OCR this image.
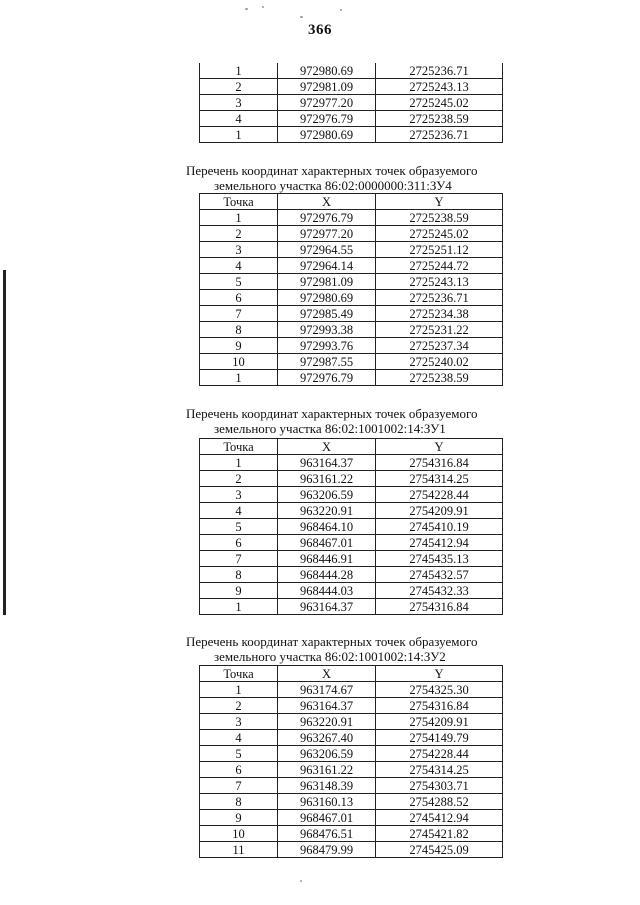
366
1	972980.69	2725236.71
2	972981.09	2725243.13
3	972977.20	2725245.02
4	972976.79	2725238.59
1	972980.69	2725236.71
Перечень координат характерных точек образуемого
земельного участка 86:02:0000000:311:ЗУ4
Точка	X	Y
1	972976.79	2725238.59
2	972977.20	2725245.02
3	972964.55	2725251.12
4	972964.14	2725244.72
5	972981.09	2725243.13
6	972980.69	2725236.71
7	972985.49	2725234.38
8	972993.38	2725231.22
9	972993.76	2725237.34
10	972987.55	2725240.02
1	972976.79	2725238.59
Перечень координат характерных точек образуемого
земельного участка 86:02:1001002:14:ЗУ1
Точка	X	Y
1	963164.37	2754316.84
2	963161.22	2754314.25
3	963206.59	2754228.44
4	963220.91	2754209.91
5	968464.10	2745410.19
6	968467.01	2745412.94
7	968446.91	2745435.13
8	968444.28	2745432.57
9	968444.03	2745432.33
1	963164.37	2754316.84
Перечень координат характерных точек образуемого
земельного участка 86:02:1001002:14:ЗУ2
Точка	X	Y
1	963174.67	2754325.30
2	963164.37	2754316.84
3	963220.91	2754209.91
4	963267.40	2754149.79
5	963206.59	2754228.44
6	963161.22	2754314.25
7	963148.39	2754303.71
8	963160.13	2754288.52
9	968467.01	2745412.94
10	968476.51	2745421.82
11	968479.99	2745425.09
